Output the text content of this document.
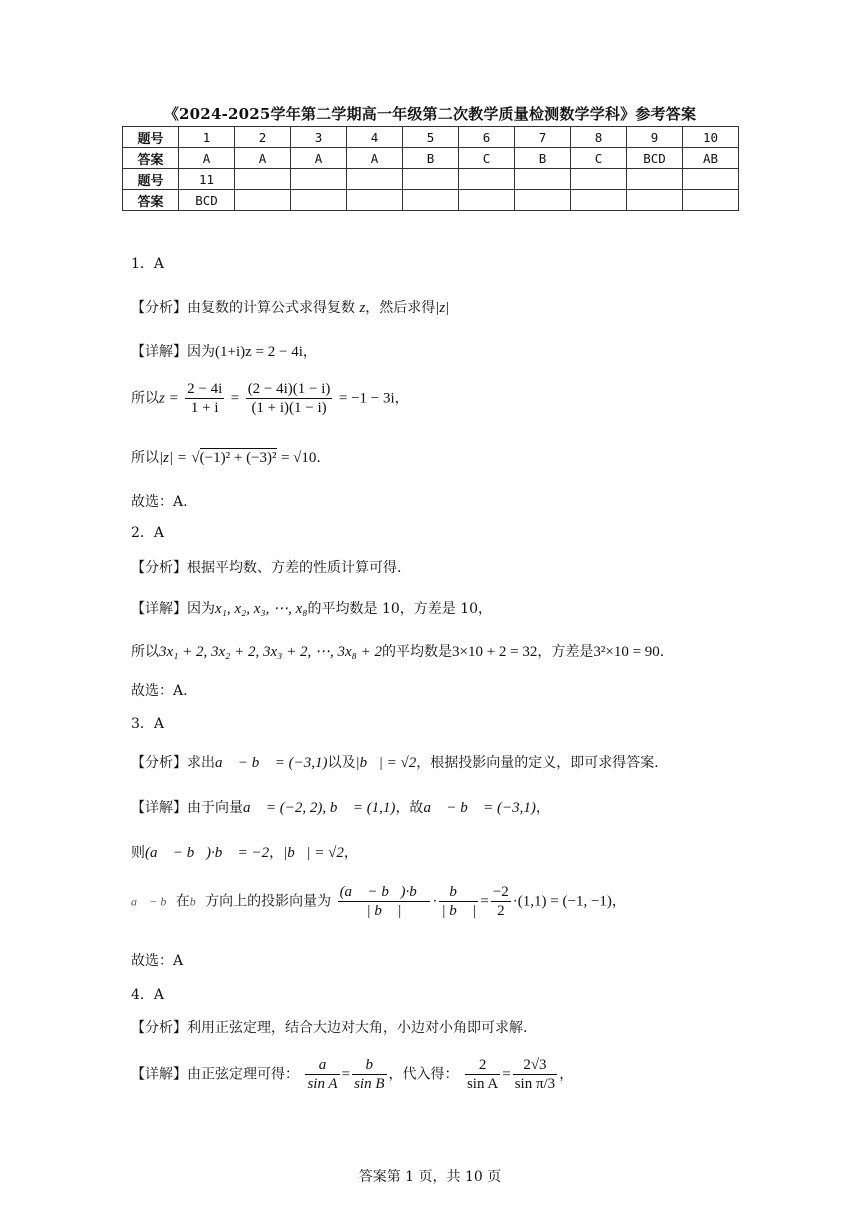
《2024-2025学年第二学期高一年级第二次教学质量检测数学学科》参考答案
题号	1	2	3	4	5	6	7	8	9	10
答案	A	A	A	A	B	C	B	C	BCD	AB
题号	11									
答案	BCD									
1．A
【分析】由复数的计算公式求得复数 z，然后求得|z|
【详解】因为(1+i)z = 2 − 4i，
所以$z = \frac{2 - 4i}{1 + i} = \frac{(2 - 4i)(1 - i)}{(1 + i)(1 - i)} = -1 - 3i$，
所以|z| = √(−1)² + (−3)² = √10.
故选：A.
2．A
【分析】根据平均数、方差的性质计算可得.
【详解】因为x₁, x₂, x₃, ⋯, x₈的平均数是 10，方差是 10，
所以3x₁ + 2, 3x₂ + 2, 3x₃ + 2, ⋯, 3x₈ + 2的平均数是3×10 + 2 = 32，方差是3²×10 = 90.
故选：A.
3．A
【分析】求出a⃗ − b⃗ = (−3,1)以及|b⃗| = √2，根据投影向量的定义，即可求得答案.
【详解】由于向量a⃗ = (−2, 2), b⃗ = (1,1)，故a⃗ − b⃗ = (−3,1)，
则(a⃗ − b⃗)·b⃗ = −2，|b⃗| = √2，
a⃗ − b⃗在b⃗方向上的投影向量为 $\frac{(a⃗ - b⃗)\cdot b⃗}{| b⃗ |} \cdot \frac{b⃗}{| b⃗ |} = \frac{-2}{2} \cdot(1,1) = (-1$, −1)，
故选：A
4．A
【分析】利用正弦定理，结合大边对大角，小边对小角即可求解.
【详解】由正弦定理可得： $\frac{a}{\text{sin A}} = \frac{b}{\text{sin B}}$ ，代入得： $\frac{2}{\text{sin A}} = \frac{2√3}{\text{sin π/3}}$ ，
答案第 1 页，共 10 页
